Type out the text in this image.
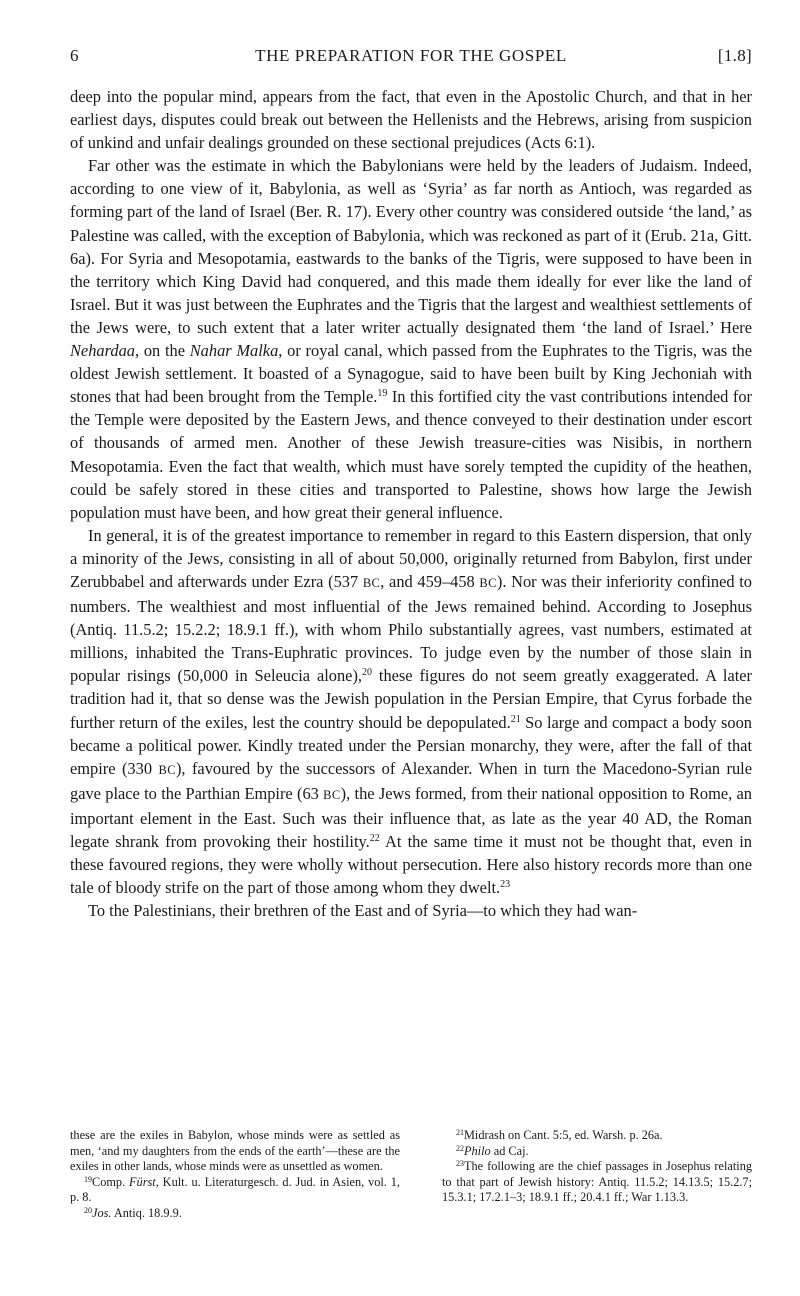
6	THE PREPARATION FOR THE GOSPEL	[1.8]

deep into the popular mind, appears from the fact, that even in the Apostolic Church, and that in her earliest days, disputes could break out between the Hellenists and the Hebrews, arising from suspicion of unkind and unfair dealings grounded on these sectional prejudices (Acts 6:1).

Far other was the estimate in which the Babylonians were held by the leaders of Judaism. Indeed, according to one view of it, Babylonia, as well as ‘Syria’ as far north as Antioch, was regarded as forming part of the land of Israel (Ber. R. 17). Every other country was considered outside ‘the land,’ as Palestine was called, with the exception of Babylonia, which was reckoned as part of it (Erub. 21a, Gitt. 6a). For Syria and Mesopotamia, eastwards to the banks of the Tigris, were supposed to have been in the territory which King David had conquered, and this made them ideally for ever like the land of Israel. But it was just between the Euphrates and the Tigris that the largest and wealthiest settlements of the Jews were, to such extent that a later writer actually designated them ‘the land of Israel.’ Here Nehardaa, on the Nahar Malka, or royal canal, which passed from the Euphrates to the Tigris, was the oldest Jewish settlement. It boasted of a Synagogue, said to have been built by King Jechoniah with stones that had been brought from the Temple.$^{19}$ In this fortified city the vast contributions intended for the Temple were deposited by the Eastern Jews, and thence conveyed to their destination under escort of thousands of armed men. Another of these Jewish treasure-cities was Nisibis, in northern Mesopotamia. Even the fact that wealth, which must have sorely tempted the cupidity of the heathen, could be safely stored in these cities and transported to Palestine, shows how large the Jewish population must have been, and how great their general influence.

In general, it is of the greatest importance to remember in regard to this Eastern dispersion, that only a minority of the Jews, consisting in all of about 50,000, originally returned from Babylon, first under Zerubbabel and afterwards under Ezra (537 BC, and 459–458 BC). Nor was their inferiority confined to numbers. The wealthiest and most influential of the Jews remained behind. According to Josephus (Antiq. 11.5.2; 15.2.2; 18.9.1 ff.), with whom Philo substantially agrees, vast numbers, estimated at millions, inhabited the Trans-Euphratic provinces. To judge even by the number of those slain in popular risings (50,000 in Seleucia alone),$^{20}$ these figures do not seem greatly exaggerated. A later tradition had it, that so dense was the Jewish population in the Persian Empire, that Cyrus forbade the further return of the exiles, lest the country should be depopulated.$^{21}$ So large and compact a body soon became a political power. Kindly treated under the Persian monarchy, they were, after the fall of that empire (330 BC), favoured by the successors of Alexander. When in turn the Macedono-Syrian rule gave place to the Parthian Empire (63 BC), the Jews formed, from their national opposition to Rome, an important element in the East. Such was their influence that, as late as the year 40 AD, the Roman legate shrank from provoking their hostility.$^{22}$ At the same time it must not be thought that, even in these favoured regions, they were wholly without persecution. Here also history records more than one tale of bloody strife on the part of those among whom they dwelt.$^{23}$

To the Palestinians, their brethren of the East and of Syria—to which they had wan-

these are the exiles in Babylon, whose minds were as settled as men, ‘and my daughters from the ends of the earth’—these are the exiles in other lands, whose minds were as unsettled as women.

$^{19}$Comp. Fürst, Kult. u. Literaturgesch. d. Jud. in Asien, vol. 1, p. 8.

$^{20}$Jos. Antiq. 18.9.9.

$^{21}$Midrash on Cant. 5:5, ed. Warsh. p. 26a.

$^{22}$Philo ad Caj.

$^{23}$The following are the chief passages in Josephus relating to that part of Jewish history: Antiq. 11.5.2; 14.13.5; 15.2.7; 15.3.1; 17.2.1–3; 18.9.1 ff.; 20.4.1 ff.; War 1.13.3.
